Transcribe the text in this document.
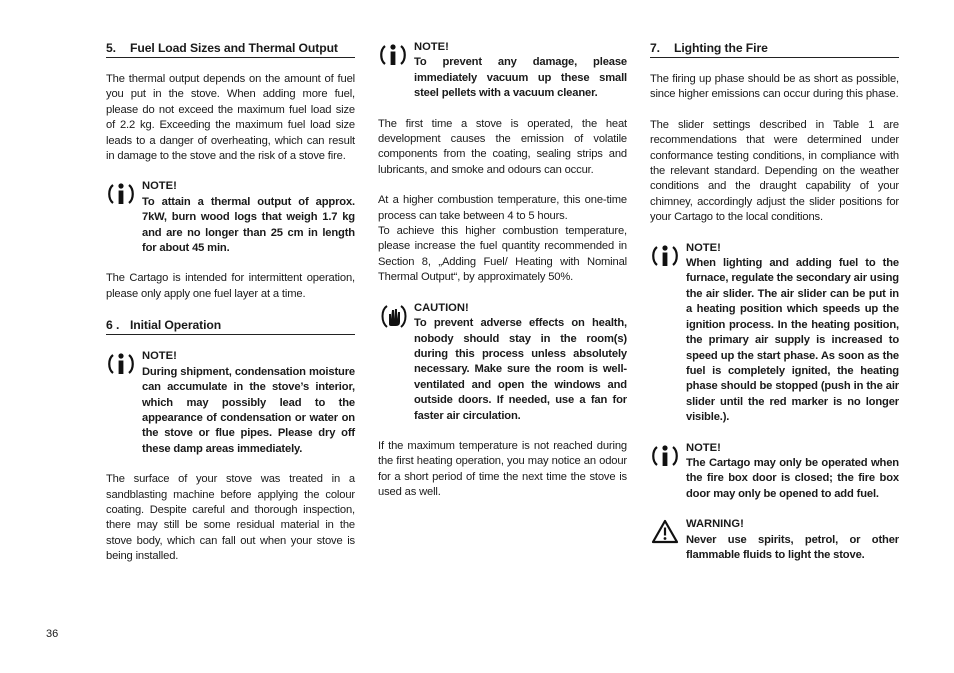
5. Fuel Load Sizes and Thermal Output

The thermal output depends on the amount of fuel you put in the stove. When adding more fuel, please do not exceed the maximum fuel load size of 2.2 kg. Exceeding the maximum fuel load size leads to a danger of overheating, which can result in damage to the stove and the risk of a stove fire.

NOTE!
To attain a thermal output of approx. 7kW, burn wood logs that weigh 1.7 kg and are no longer than 25 cm in length for about 45 min.

The Cartago is intended for intermittent operation, please only apply one fuel layer at a time.

6 . Initial Operation
NOTE!
During shipment, condensation moisture can accumulate in the stove’s interior, which may possibly lead to the appearance of condensation or water on the stove or flue pipes. Please dry off these damp areas immediately.

The surface of your stove was treated in a sandblasting machine before applying the colour coating. Despite careful and thorough inspection, there may still be some residual material in the stove body, which can fall out when your stove is being installed.

NOTE!
To prevent any damage, please immediately vacuum up these small steel pellets with a vacuum cleaner.

The first time a stove is operated, the heat development causes the emission of volatile components from the coating, sealing strips and lubricants, and smoke and odours can occur.

At a higher combustion temperature, this one-time process can take between 4 to 5 hours.

To achieve this higher combustion temperature, please increase the fuel quantity recommended in Section 8, „Adding Fuel/ Heating with Nominal Thermal Output“, by approximately 50%.

CAUTION!
To prevent adverse effects on health, nobody should stay in the room(s) during this process unless absolutely necessary. Make sure the room is well-ventilated and open the windows and outside doors. If needed, use a fan for faster air circulation.

If the maximum temperature is not reached during the first heating operation, you may notice an odour for a short period of time the next time the stove is used as well.

7. Lighting the Fire

The firing up phase should be as short as possible, since higher emissions can occur during this phase.

The slider settings described in Table 1 are recommendations that were determined under conformance testing conditions, in compliance with the relevant standard. Depending on the weather conditions and the draught capability of your chimney, accordingly adjust the slider positions for your Cartago to the local conditions.

NOTE!
When lighting and adding fuel to the furnace, regulate the secondary air using the air slider. The air slider can be put in a heating position which speeds up the ignition process. In the heating position, the primary air supply is increased to speed up the start phase. As soon as the fuel is completely ignited, the heating phase should be stopped (push in the air slider until the red marker is no longer visible.).
NOTE!
The Cartago may only be operated when the fire box door is closed; the fire box door may only be opened to add fuel.
WARNING!
Never use spirits, petrol, or other flammable fluids to light the stove.
36
